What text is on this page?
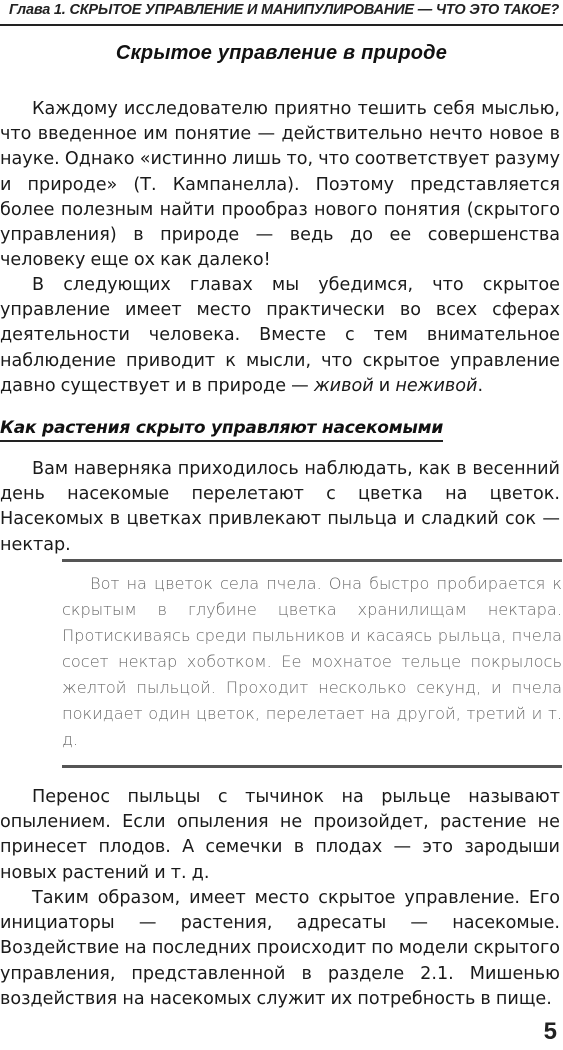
Глава 1. СКРЫТОЕ УПРАВЛЕНИЕ И МАНИПУЛИРОВАНИЕ — ЧТО ЭТО ТАКОЕ?
Скрытое управление в природе

Каждому исследователю приятно тешить себя мыслью, что введенное им понятие — действительно нечто новое в науке. Однако «истинно лишь то, что соответствует разуму и природе» (Т. Кампанелла). Поэтому представляется более полезным найти прообраз нового понятия (скрытого управления) в природе — ведь до ее совершенства человеку еще ох как далеко!

В следующих главах мы убедимся, что скрытое управление имеет место практически во всех сферах деятельности человека. Вместе с тем внимательное наблюдение приводит к мысли, что скрытое управление давно существует и в природе — живой и неживой.

Как растения скрыто управляют насекомыми

Вам наверняка приходилось наблюдать, как в весенний день насекомые перелетают с цветка на цветок. Насекомых в цветках привлекают пыльца и сладкий сок — нектар.

Вот на цветок села пчела. Она быстро пробирается к скрытым в глубине цветка хранилищам нектара. Протискиваясь среди пыльников и касаясь рыльца, пчела сосет нектар хоботком. Ее мохнатое тельце покрылось желтой пыльцой. Проходит несколько секунд, и пчела покидает один цветок, перелетает на другой, третий и т. д.

Перенос пыльцы с тычинок на рыльце называют опылением. Если опыления не произойдет, растение не принесет плодов. А семечки в плодах — это зародыши новых растений и т. д.

Таким образом, имеет место скрытое управление. Его инициаторы — растения, адресаты — насекомые. Воздействие на последних происходит по модели скрытого управления, представленной в разделе 2.1. Мишенью воздействия на насекомых служит их потребность в пище.

5
